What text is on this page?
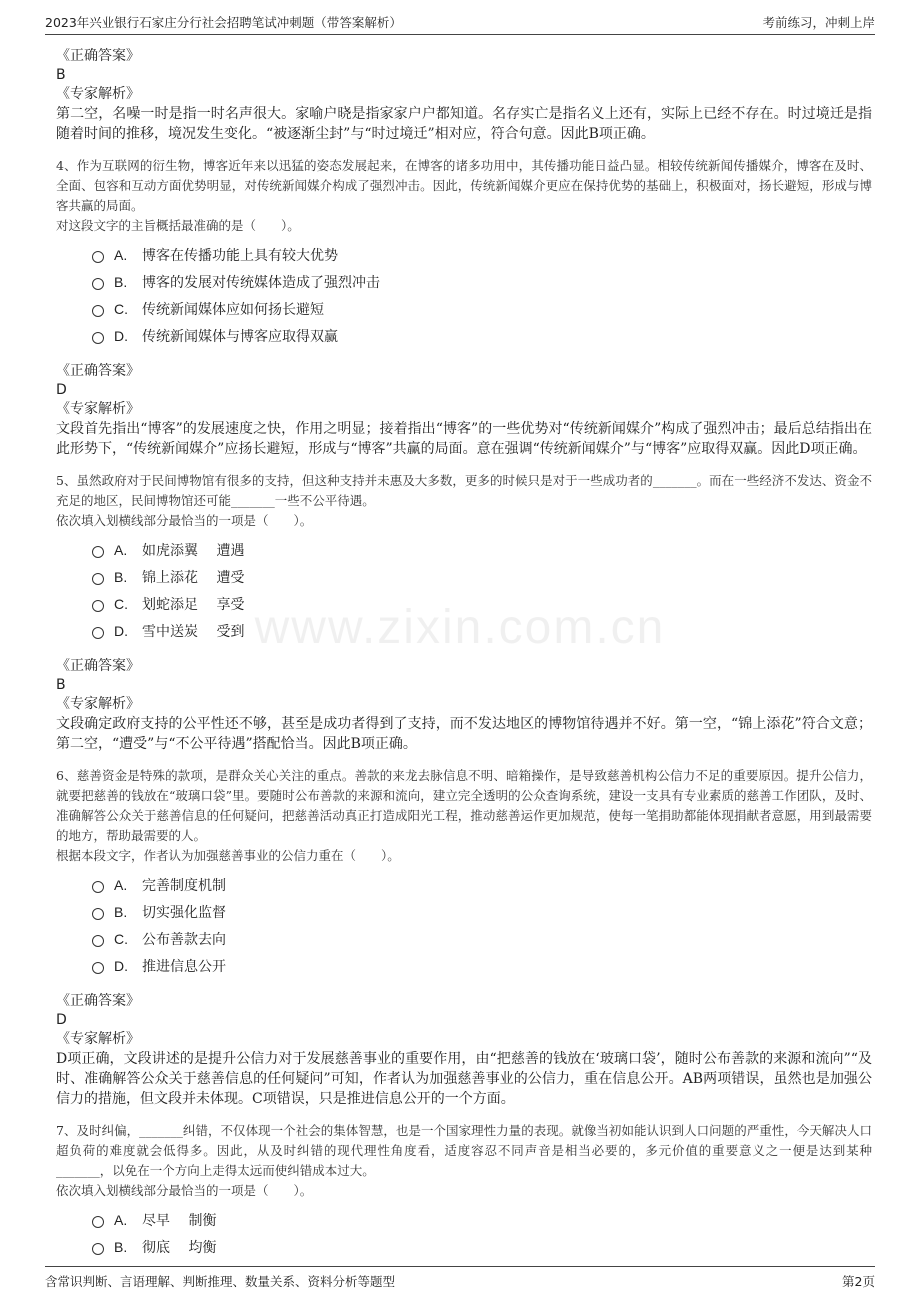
2023年兴业银行石家庄分行社会招聘笔试冲刺题（带答案解析）	考前练习，冲刺上岸
www.zixin.com.cn
《正确答案》
B
《专家解析》
第二空，名噪一时是指一时名声很大。家喻户晓是指家家户户都知道。名存实亡是指名义上还有，实际上已经不存在。时过境迁是指随着时间的推移，境况发生变化。“被逐渐尘封”与“时过境迁”相对应，符合句意。因此B项正确。
4、作为互联网的衍生物，博客近年来以迅猛的姿态发展起来，在博客的诸多功用中，其传播功能日益凸显。相较传统新闻传播媒介，博客在及时、全面、包容和互动方面优势明显，对传统新闻媒介构成了强烈冲击。因此，传统新闻媒介更应在保持优势的基础上，积极面对，扬长避短，形成与博客共赢的局面。
对这段文字的主旨概括最准确的是（　　）。
A.	博客在传播功能上具有较大优势
B.	博客的发展对传统媒体造成了强烈冲击
C.	传统新闻媒体应如何扬长避短
D.	传统新闻媒体与博客应取得双赢
《正确答案》
D
《专家解析》
文段首先指出“博客”的发展速度之快，作用之明显；接着指出“博客”的一些优势对“传统新闻媒介”构成了强烈冲击；最后总结指出在此形势下，“传统新闻媒介”应扬长避短，形成与“博客”共赢的局面。意在强调“传统新闻媒介”与“博客”应取得双赢。因此D项正确。
5、虽然政府对于民间博物馆有很多的支持，但这种支持并未惠及大多数，更多的时候只是对于一些成功者的_______。而在一些经济不发达、资金不充足的地区，民间博物馆还可能_______一些不公平待遇。
依次填入划横线部分最恰当的一项是（　　）。
A.	如虎添翼　 遭遇
B.	锦上添花　 遭受
C.	划蛇添足　 享受
D.	雪中送炭　 受到
《正确答案》
B
《专家解析》
文段确定政府支持的公平性还不够，甚至是成功者得到了支持，而不发达地区的博物馆待遇并不好。第一空，“锦上添花”符合文意；第二空，“遭受”与“不公平待遇”搭配恰当。因此B项正确。
6、慈善资金是特殊的款项，是群众关心关注的重点。善款的来龙去脉信息不明、暗箱操作，是导致慈善机构公信力不足的重要原因。提升公信力，就要把慈善的钱放在“玻璃口袋”里。要随时公布善款的来源和流向，建立完全透明的公众查询系统，建设一支具有专业素质的慈善工作团队，及时、准确解答公众关于慈善信息的任何疑问，把慈善活动真正打造成阳光工程，推动慈善运作更加规范，使每一笔捐助都能体现捐献者意愿，用到最需要的地方，帮助最需要的人。
根据本段文字，作者认为加强慈善事业的公信力重在（　　）。
A.	完善制度机制
B.	切实强化监督
C.	公布善款去向
D.	推进信息公开
《正确答案》
D
《专家解析》
D项正确，文段讲述的是提升公信力对于发展慈善事业的重要作用，由“把慈善的钱放在‘玻璃口袋’，随时公布善款的来源和流向”“及时、准确解答公众关于慈善信息的任何疑问”可知，作者认为加强慈善事业的公信力，重在信息公开。AB两项错误，虽然也是加强公信力的措施，但文段并未体现。C项错误，只是推进信息公开的一个方面。
7、及时纠偏，_______纠错，不仅体现一个社会的集体智慧，也是一个国家理性力量的表现。就像当初如能认识到人口问题的严重性，今天解决人口超负荷的难度就会低得多。因此，从及时纠错的现代理性角度看，适度容忍不同声音是相当必要的，多元价值的重要意义之一便是达到某种_______，以免在一个方向上走得太远而使纠错成本过大。
依次填入划横线部分最恰当的一项是（　　）。
A.	尽早　 制衡
B.	彻底　 均衡
含常识判断、言语理解、判断推理、数量关系、资料分析等题型	第2页
